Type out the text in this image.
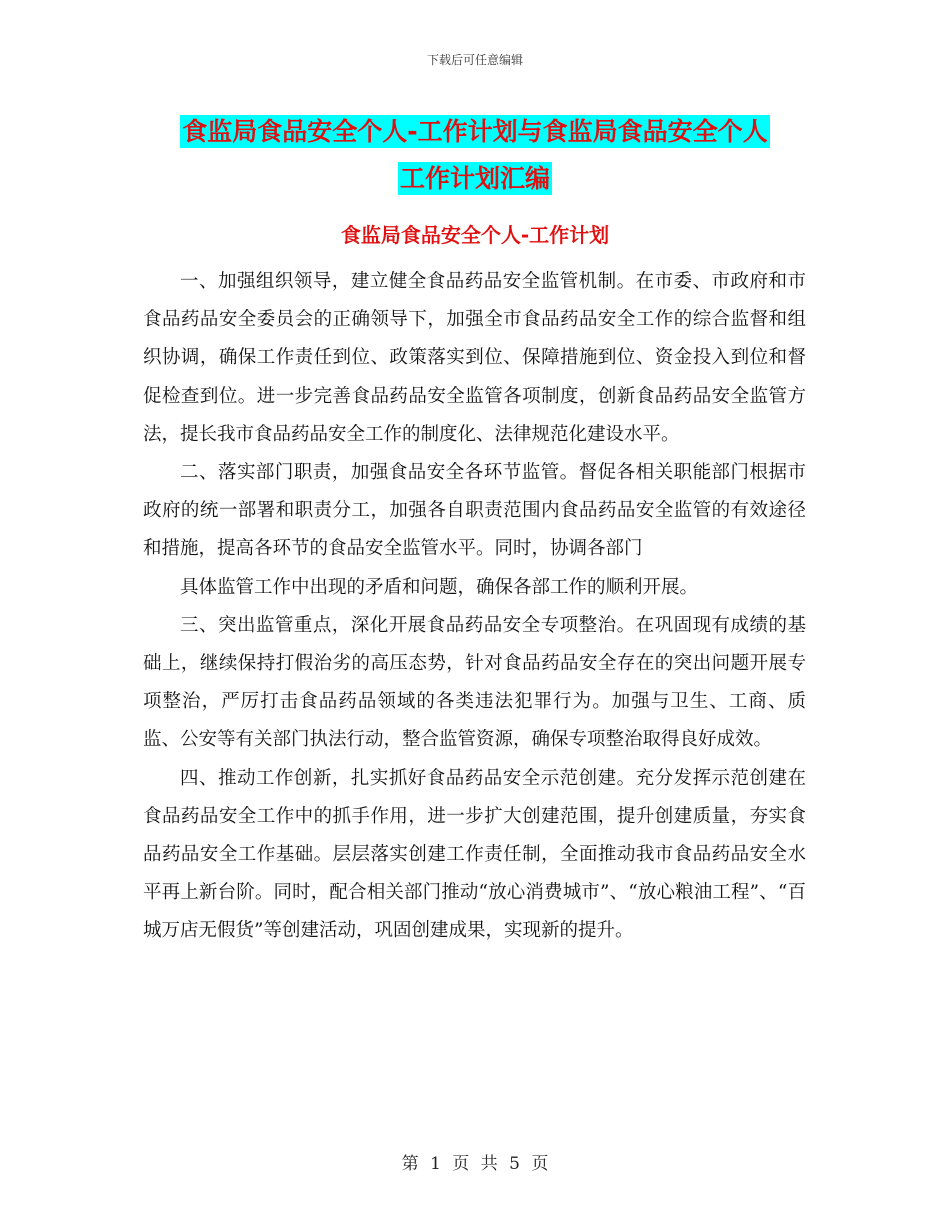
下载后可任意编辑
食监局食品安全个人-工作计划与食监局食品安全个人
工作计划汇编
食监局食品安全个人-工作计划

一、加强组织领导，建立健全食品药品安全监管机制。在市委、市政府和市食品药品安全委员会的正确领导下，加强全市食品药品安全工作的综合监督和组织协调，确保工作责任到位、政策落实到位、保障措施到位、资金投入到位和督促检查到位。进一步完善食品药品安全监管各项制度，创新食品药品安全监管方法，提长我市食品药品安全工作的制度化、法律规范化建设水平。

二、落实部门职责，加强食品安全各环节监管。督促各相关职能部门根据市政府的统一部署和职责分工，加强各自职责范围内食品药品安全监管的有效途径和措施，提高各环节的食品安全监管水平。同时，协调各部门

具体监管工作中出现的矛盾和问题，确保各部工作的顺利开展。

三、突出监管重点，深化开展食品药品安全专项整治。在巩固现有成绩的基础上，继续保持打假治劣的高压态势，针对食品药品安全存在的突出问题开展专项整治，严厉打击食品药品领域的各类违法犯罪行为。加强与卫生、工商、质监、公安等有关部门执法行动，整合监管资源，确保专项整治取得良好成效。

四、推动工作创新，扎实抓好食品药品安全示范创建。充分发挥示范创建在食品药品安全工作中的抓手作用，进一步扩大创建范围，提升创建质量，夯实食品药品安全工作基础。层层落实创建工作责任制，全面推动我市食品药品安全水平再上新台阶。同时，配合相关部门推动“放心消费城市”、“放心粮油工程”、“百城万店无假货”等创建活动，巩固创建成果，实现新的提升。

第 1 页 共 5 页
